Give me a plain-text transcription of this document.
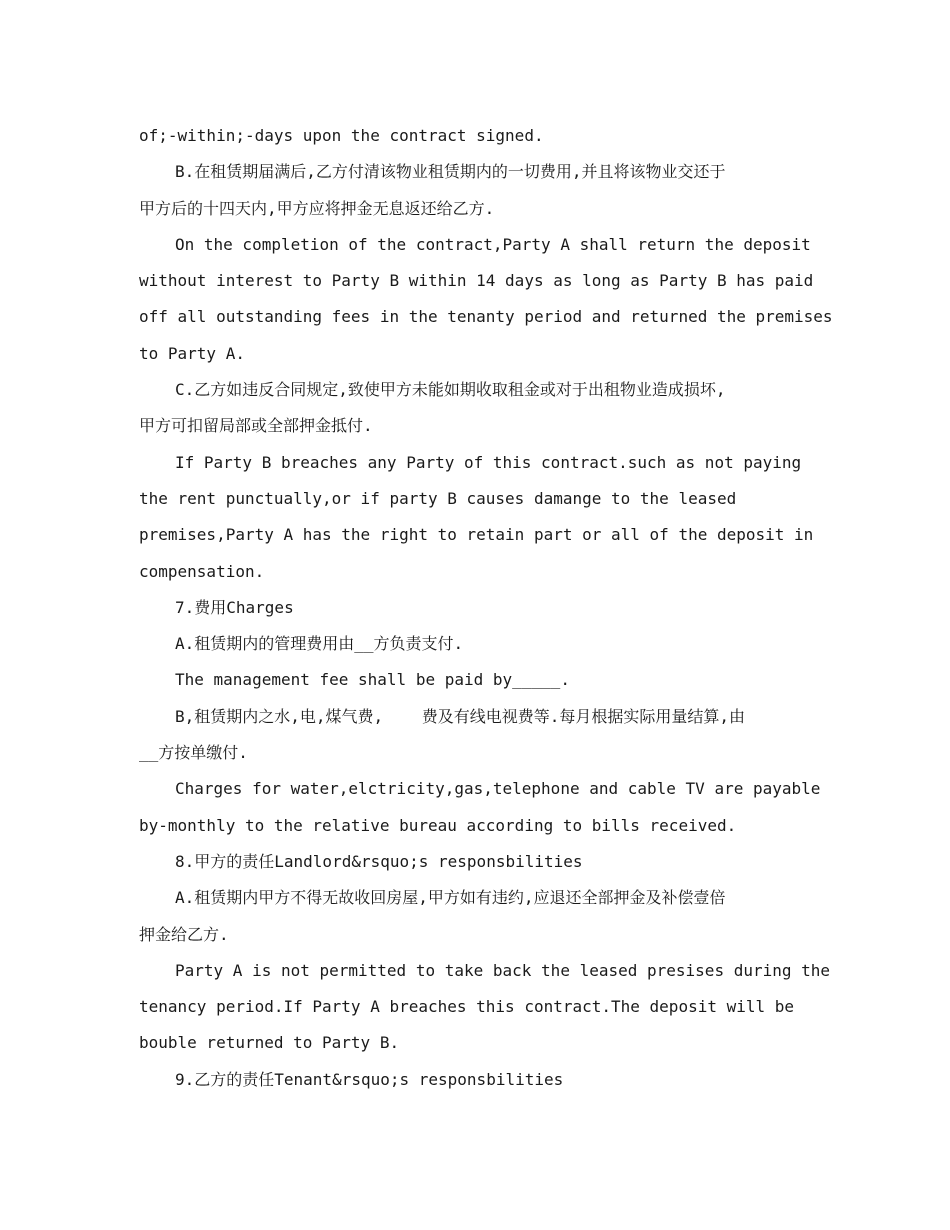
of;-within;-days upon the contract signed.
B.在租赁期届满后,乙方付清该物业租赁期内的一切费用,并且将该物业交还于
甲方后的十四天内,甲方应将押金无息返还给乙方.
On the completion of the contract,Party A shall return the deposit
without interest to Party B within 14 days as long as Party B has paid
off all outstanding fees in the tenanty period and returned the premises
to Party A.
C.乙方如违反合同规定,致使甲方未能如期收取租金或对于出租物业造成损坏,
甲方可扣留局部或全部押金抵付.
If Party B breaches any Party of this contract.such as not paying
the rent punctually,or if party B causes damange to the leased
premises,Party A has the right to retain part or all of the deposit in
compensation.
7.费用Charges
A.租赁期内的管理费用由__方负责支付.
The management fee shall be paid by_____.
B,租赁期内之水,电,煤气费,    费及有线电视费等.每月根据实际用量结算,由
__方按单缴付.
Charges for water,elctricity,gas,telephone and cable TV are payable
by-monthly to the relative bureau according to bills received.
8.甲方的责任Landlord&rsquo;s responsbilities
A.租赁期内甲方不得无故收回房屋,甲方如有违约,应退还全部押金及补偿壹倍
押金给乙方.
Party A is not permitted to take back the leased presises during the
tenancy period.If Party A breaches this contract.The deposit will be
bouble returned to Party B.
9.乙方的责任Tenant&rsquo;s responsbilities
